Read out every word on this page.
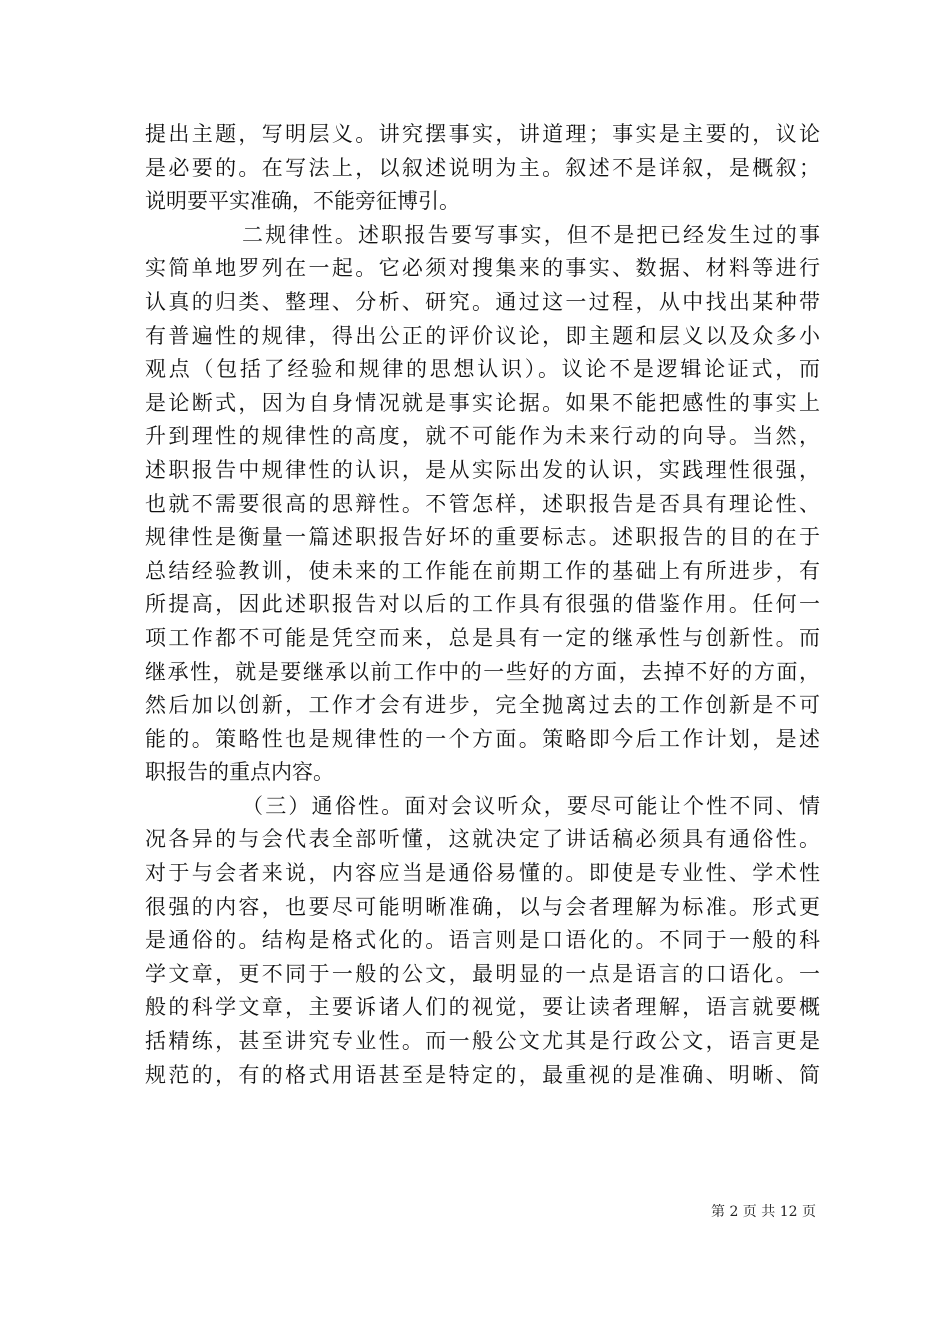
提出主题，写明层义。讲究摆事实，讲道理；事实是主要的，议论
是必要的。在写法上，以叙述说明为主。叙述不是详叙，是概叙；
说明要平实准确，不能旁征博引。
二规律性。述职报告要写事实，但不是把已经发生过的事
实简单地罗列在一起。它必须对搜集来的事实、数据、材料等进行
认真的归类、整理、分析、研究。通过这一过程，从中找出某种带
有普遍性的规律，得出公正的评价议论，即主题和层义以及众多小
观点（包括了经验和规律的思想认识）。议论不是逻辑论证式，而
是论断式，因为自身情况就是事实论据。如果不能把感性的事实上
升到理性的规律性的高度，就不可能作为未来行动的向导。当然，
述职报告中规律性的认识，是从实际出发的认识，实践理性很强，
也就不需要很高的思辩性。不管怎样，述职报告是否具有理论性、
规律性是衡量一篇述职报告好坏的重要标志。述职报告的目的在于
总结经验教训，使未来的工作能在前期工作的基础上有所进步，有
所提高，因此述职报告对以后的工作具有很强的借鉴作用。任何一
项工作都不可能是凭空而来，总是具有一定的继承性与创新性。而
继承性，就是要继承以前工作中的一些好的方面，去掉不好的方面，
然后加以创新，工作才会有进步，完全抛离过去的工作创新是不可
能的。策略性也是规律性的一个方面。策略即今后工作计划，是述
职报告的重点内容。
（三）通俗性。面对会议听众，要尽可能让个性不同、情
况各异的与会代表全部听懂，这就决定了讲话稿必须具有通俗性。
对于与会者来说，内容应当是通俗易懂的。即使是专业性、学术性
很强的内容，也要尽可能明晰准确，以与会者理解为标准。形式更
是通俗的。结构是格式化的。语言则是口语化的。不同于一般的科
学文章，更不同于一般的公文，最明显的一点是语言的口语化。一
般的科学文章，主要诉诸人们的视觉，要让读者理解，语言就要概
括精练，甚至讲究专业性。而一般公文尤其是行政公文，语言更是
规范的，有的格式用语甚至是特定的，最重视的是准确、明晰、简
第 2 页 共 12 页
